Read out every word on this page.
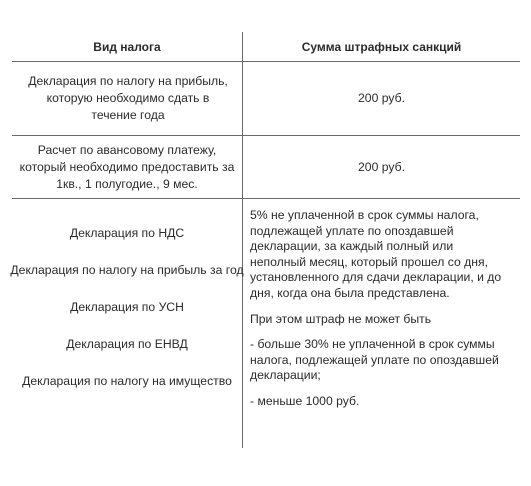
Вид налога	Сумма штрафных санкций
Декларация по налогу на прибыль, которую необходимо сдать в течение года
200 руб.
Расчет по авансовому платежу, который необходимо предоставить за 1кв., 1 полугодие., 9 мес.
200 руб.
Декларация по НДС
Декларация по налогу на прибыль за год
Декларация по УСН
Декларация по ЕНВД
Декларация по налогу на имущество

5% не уплаченной в срок суммы налога, подлежащей уплате по опоздавшей декларации, за каждый полный или неполный месяц, который прошел со дня, установленного для сдачи декларации, и до дня, когда она была представлена.

При этом штраф не может быть

- больше 30% не уплаченной в срок суммы налога, подлежащей уплате по опоздавшей декларации;

- меньше 1000 руб.
